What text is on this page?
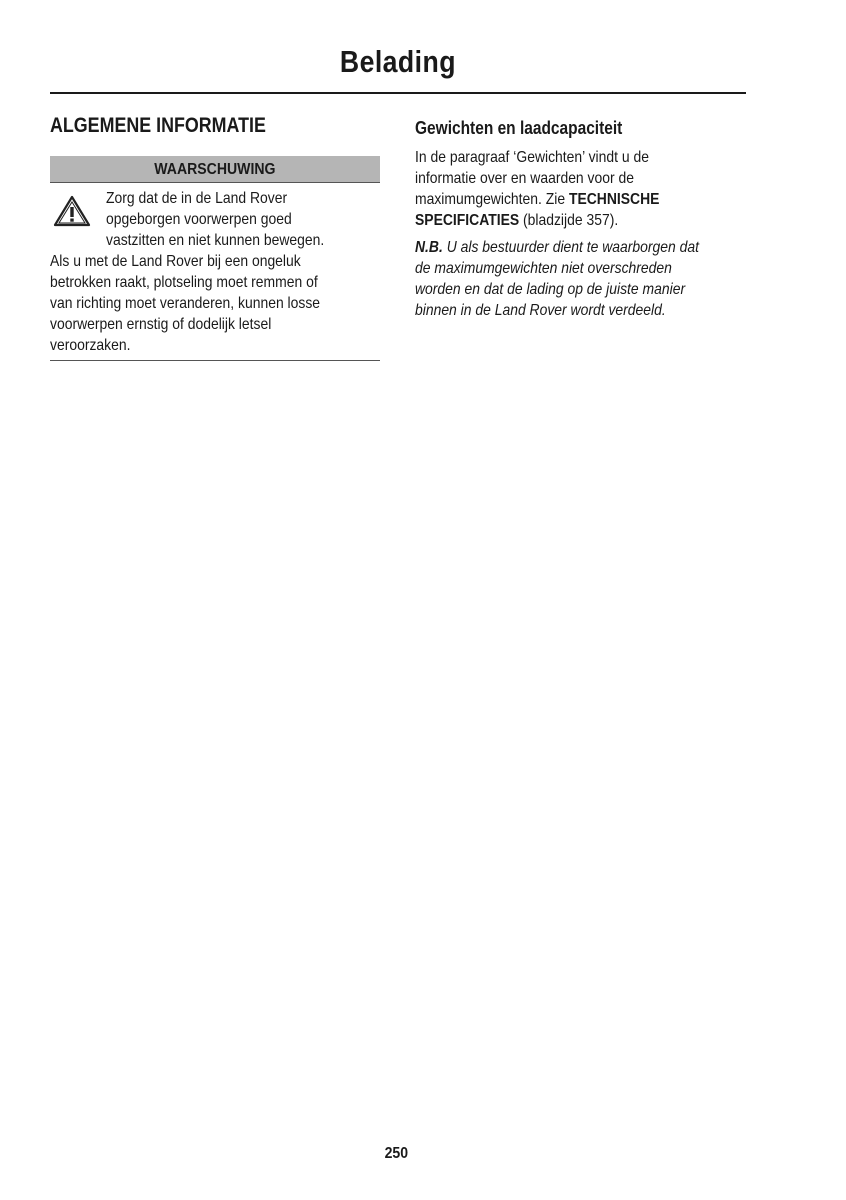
Belading
ALGEMENE INFORMATIE
WAARSCHUWING
Zorg dat de in de Land Rover
opgeborgen voorwerpen goed
vastzitten en niet kunnen bewegen.
Als u met de Land Rover bij een ongeluk
betrokken raakt, plotseling moet remmen of
van richting moet veranderen, kunnen losse
voorwerpen ernstig of dodelijk letsel
veroorzaken.
Gewichten en laadcapaciteit
In de paragraaf ‘Gewichten’ vindt u de
informatie over en waarden voor de
maximumgewichten. Zie TECHNISCHE
SPECIFICATIES (bladzijde 357).
N.B. U als bestuurder dient te waarborgen dat
de maximumgewichten niet overschreden
worden en dat de lading op de juiste manier
binnen in de Land Rover wordt verdeeld.
250
